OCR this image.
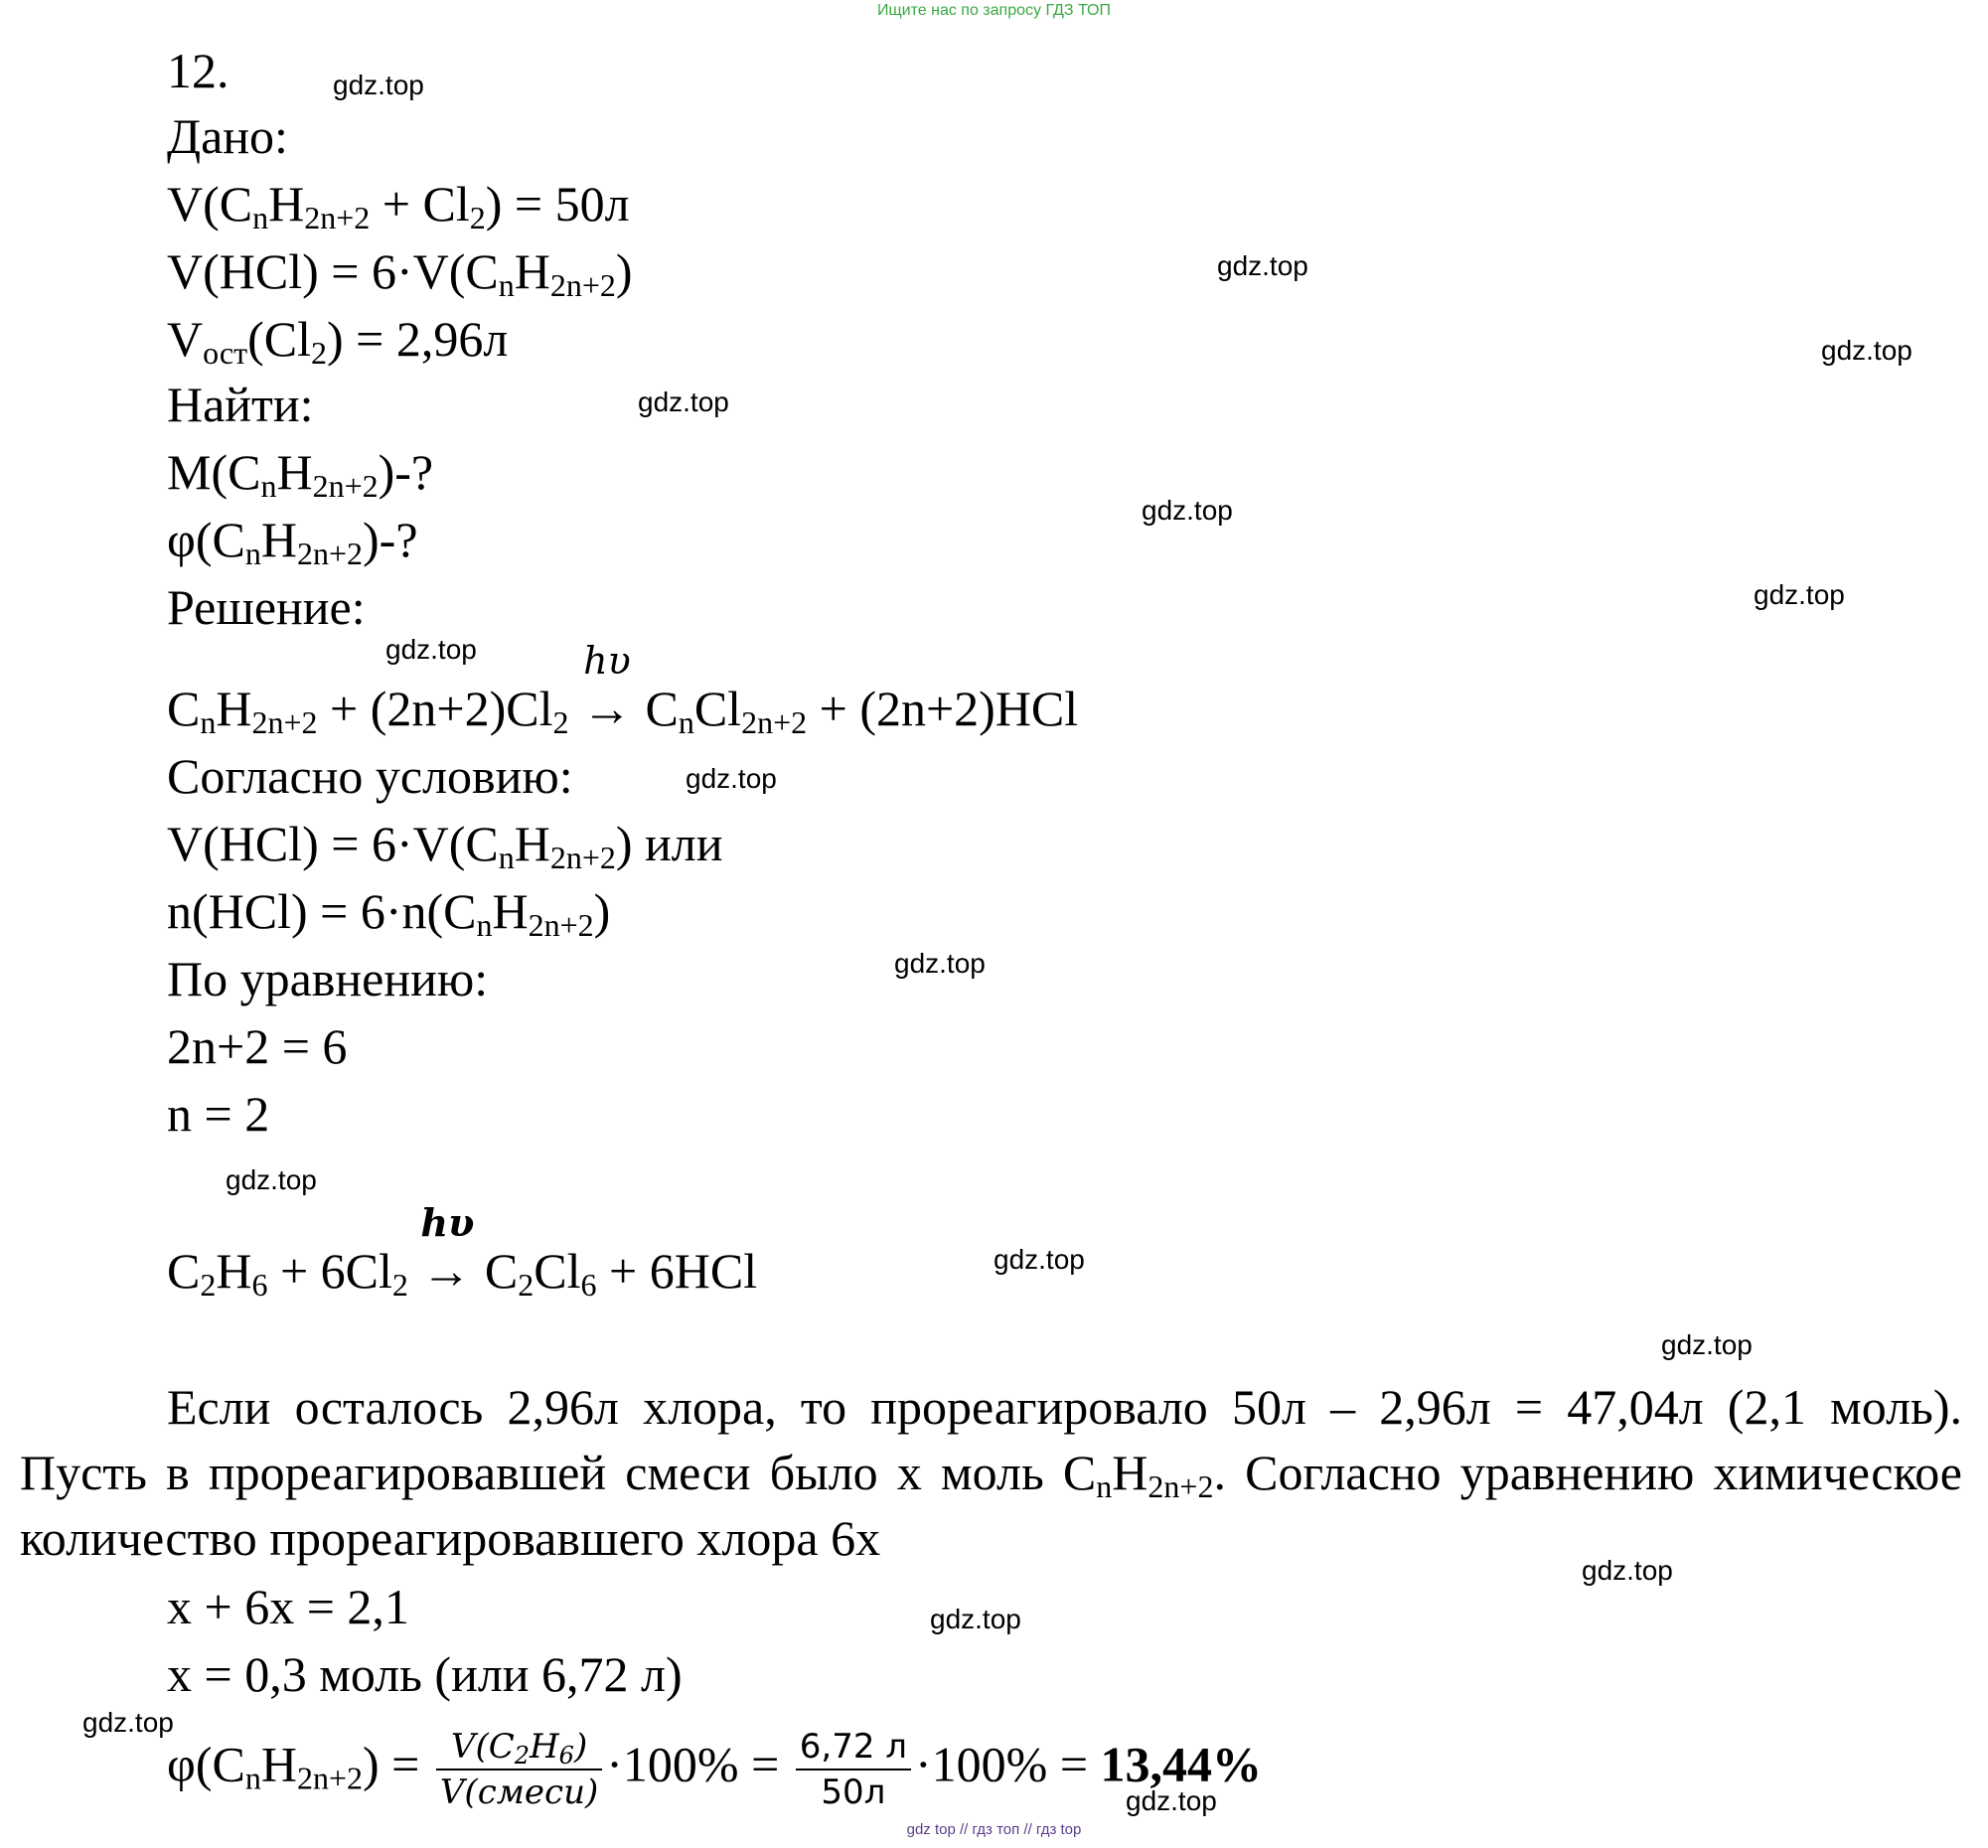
Ищите нас по запросу ГДЗ ТОП
12.
Дано:
$V(C_nH_{2n+2} + Cl_2) = 50л$
$V(HCl) = 6\cdot V(C_nH_{2n+2})$
$V_{ост}(Cl_2) = 2,96л$
Найти:
$M(C_nH_{2n+2})-$?
$\varphi(C_nH_{2n+2})-$?
Решение:
$C_nH_{2n+2} + (2n+2)Cl_2$
hυ
→ $C_nCl_{2n+2} + (2n+2)HCl$
Согласно условию:
$V(HCl) = 6\cdot V(C_nH_{2n+2})$ или
$n(HCl) = 6\cdot n(C_nH_{2n+2})$
По уравнению:
2n+2 = 6
n = 2
$C_2H_6 + 6Cl_2$
hυ
→ $C_2Cl_6 + 6HCl$

Если осталось 2,96л хлора, то прореагировало 50л – 2,96л = 47,04л (2,1 моль). Пусть в прореагировавшей смеси было x моль $C_nH_{2n+2}$. Согласно уравнению химическое количество прореагировавшего хлора 6x

x + 6x = 2,1
x = 0,3 моль (или 6,72 л)
$\varphi(C_nH_{2n+2}) = \frac{V(C_2H_6)}{\text{V(смеси)}} \cdot 100\% = \frac{6,72 л}{50л} \cdot 100\% = 13,44\%$
gdz.top
gdz.top
gdz.top
gdz.top
gdz.top
gdz.top
gdz.top
gdz.top
gdz.top
gdz.top
gdz.top
gdz.top
gdz.top
gdz.top
gdz.top
gdz.top
gdz top // гдз топ // гдз top
